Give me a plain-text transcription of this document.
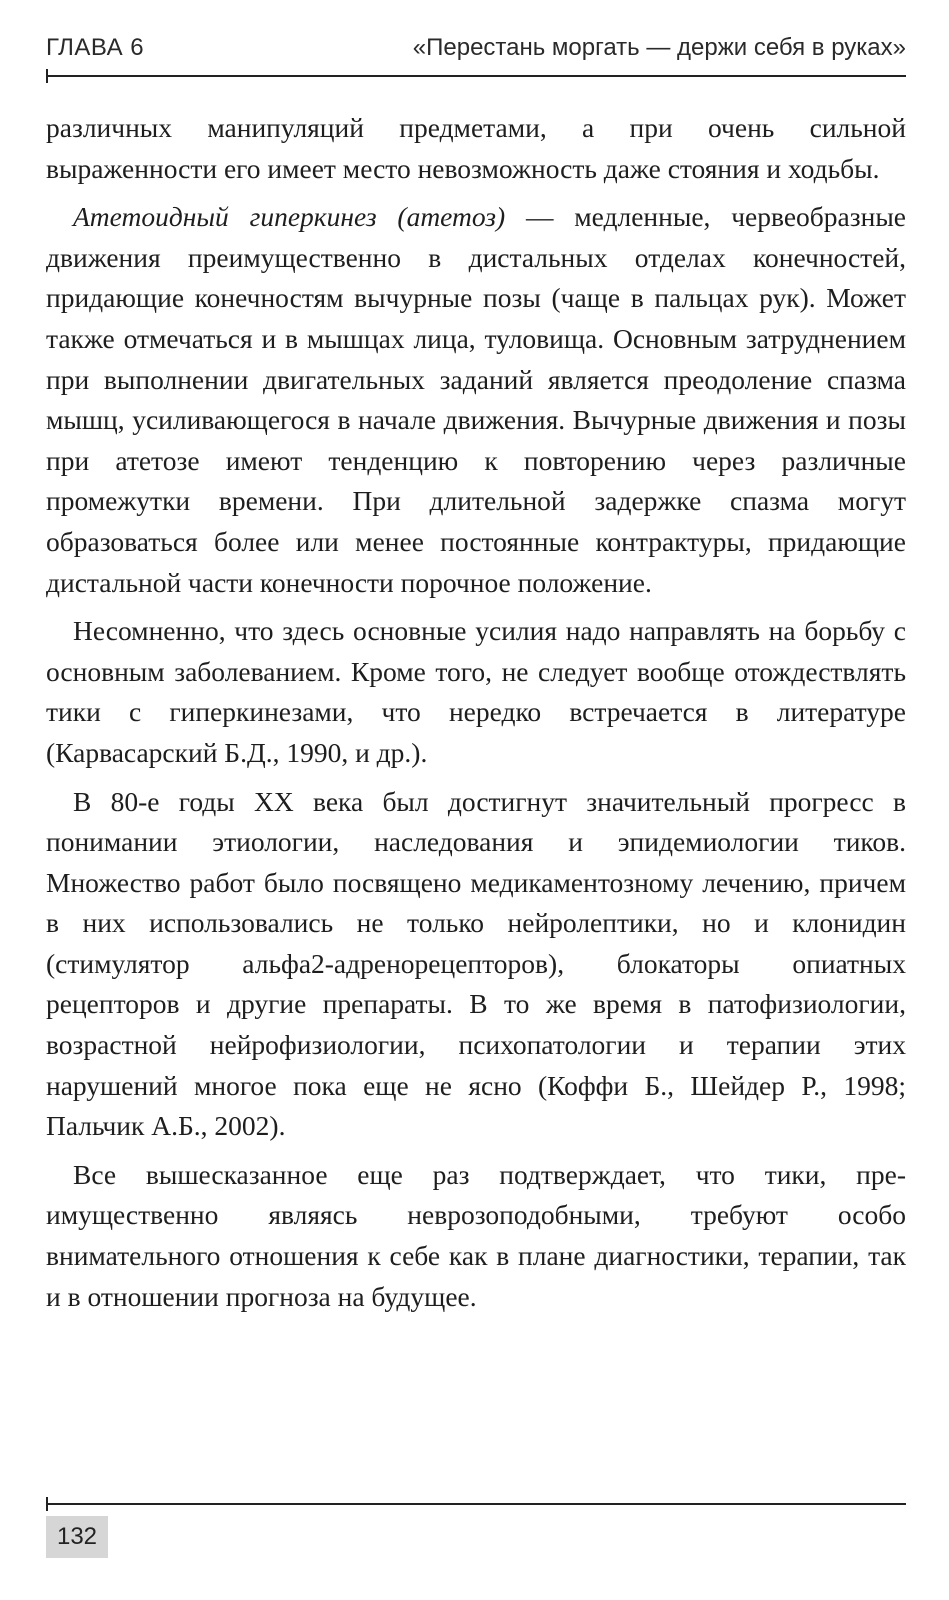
ГЛАВА 6	«Перестань моргать — держи себя в руках»

различных манипуляций предметами, а при очень сильной выраженности его имеет место невозможность даже стояния и ходьбы.

Атетоидный гиперкинез (атетоз) — медленные, червеобразные движения преимущественно в дистальных отделах конечностей, придающие конечностям вычурные позы (чаще в пальцах рук). Может также отмечаться и в мышцах лица, туловища. Основным затруднением при выполнении двигательных заданий является преодоление спазма мышц, усиливающегося в начале движения. Вычурные движения и позы при атетозе имеют тенденцию к повторению через различные промежутки времени. При длительной задержке спазма могут образоваться более или менее постоянные контрактуры, придающие дистальной части конечности порочное положение.

Несомненно, что здесь основные усилия надо направлять на борьбу с основным заболеванием. Кроме того, не следует вообще отождествлять тики с гиперкинезами, что нередко встречается в литературе (Карвасарский Б.Д., 1990, и др.).

В 80-е годы XX века был достигнут значительный прогресс в понимании этиологии, наследования и эпидемиологии тиков. Множество работ было посвящено медикаментозному лечению, причем в них использовались не только нейролептики, но и клонидин (стимулятор альфа2-адренорецепторов), блокаторы опиатных рецепторов и другие препараты. В то же время в патофизиологии, возрастной нейрофизиологии, психопатологии и терапии этих нарушений многое пока еще не ясно (Коффи Б., Шейдер Р., 1998; Пальчик А.Б., 2002).

Все вышесказанное еще раз подтверждает, что тики, преимущественно являясь неврозоподобными, требуют особо внимательного отношения к себе как в плане диагностики, терапии, так и в отношении прогноза на будущее.

132
